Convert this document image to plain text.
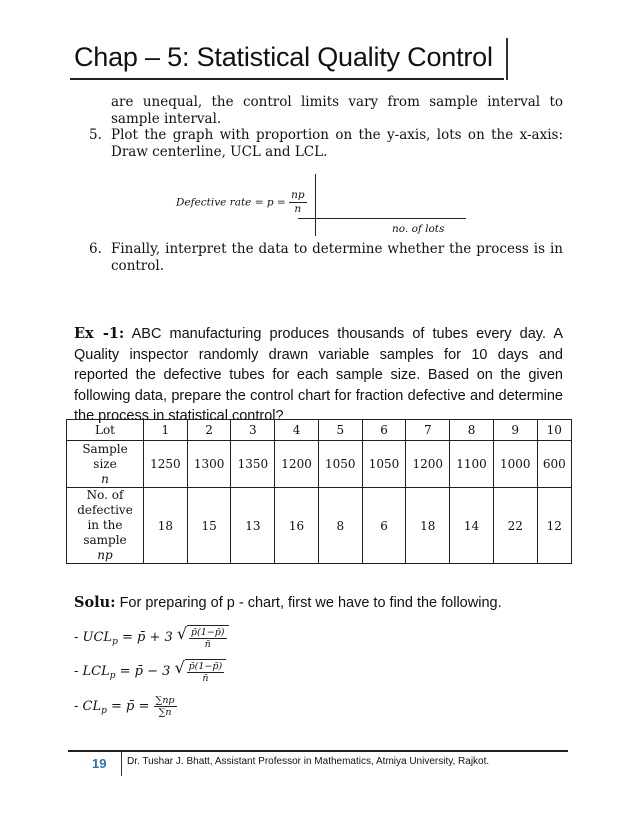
Chap – 5: Statistical Quality Control
are unequal, the control limits vary from sample interval to sample interval.
5. Plot the graph with proportion on the y-axis, lots on the x-axis: Draw centerline, UCL and LCL.
Defective rate = $p = \frac{np}{n}$
no. of lots
6. Finally, interpret the data to determine whether the process is in control.
Ex -1: ABC manufacturing produces thousands of tubes every day. A Quality inspector randomly drawn variable samples for 10 days and reported the defective tubes for each sample size. Based on the given following data, prepare the control chart for fraction defective and determine the process in statistical control?
Lot	1	2	3	4	5	6	7	8	9	10

Sample
size
n	1250	1300	1350	1200	1050	1050	1200	1100	1000	600

No. of
defective
in the
sample
np	18	15	13	16	8	6	18	14	22	12
Solu: For preparing of p - chart, first we have to find the following.
- $UCL_p$ = p̄ + 3 √ $\frac{p̄(1-p̄)}{n̄}$
- $LCL_p$ = p̄ − 3 √ $\frac{p̄(1-p̄)}{n̄}$
- $CL_p$ = p̄ = $\frac{\sum np}{\sum n}$
19 Dr. Tushar J. Bhatt, Assistant Professor in Mathematics, Atmiya University, Rajkot.
